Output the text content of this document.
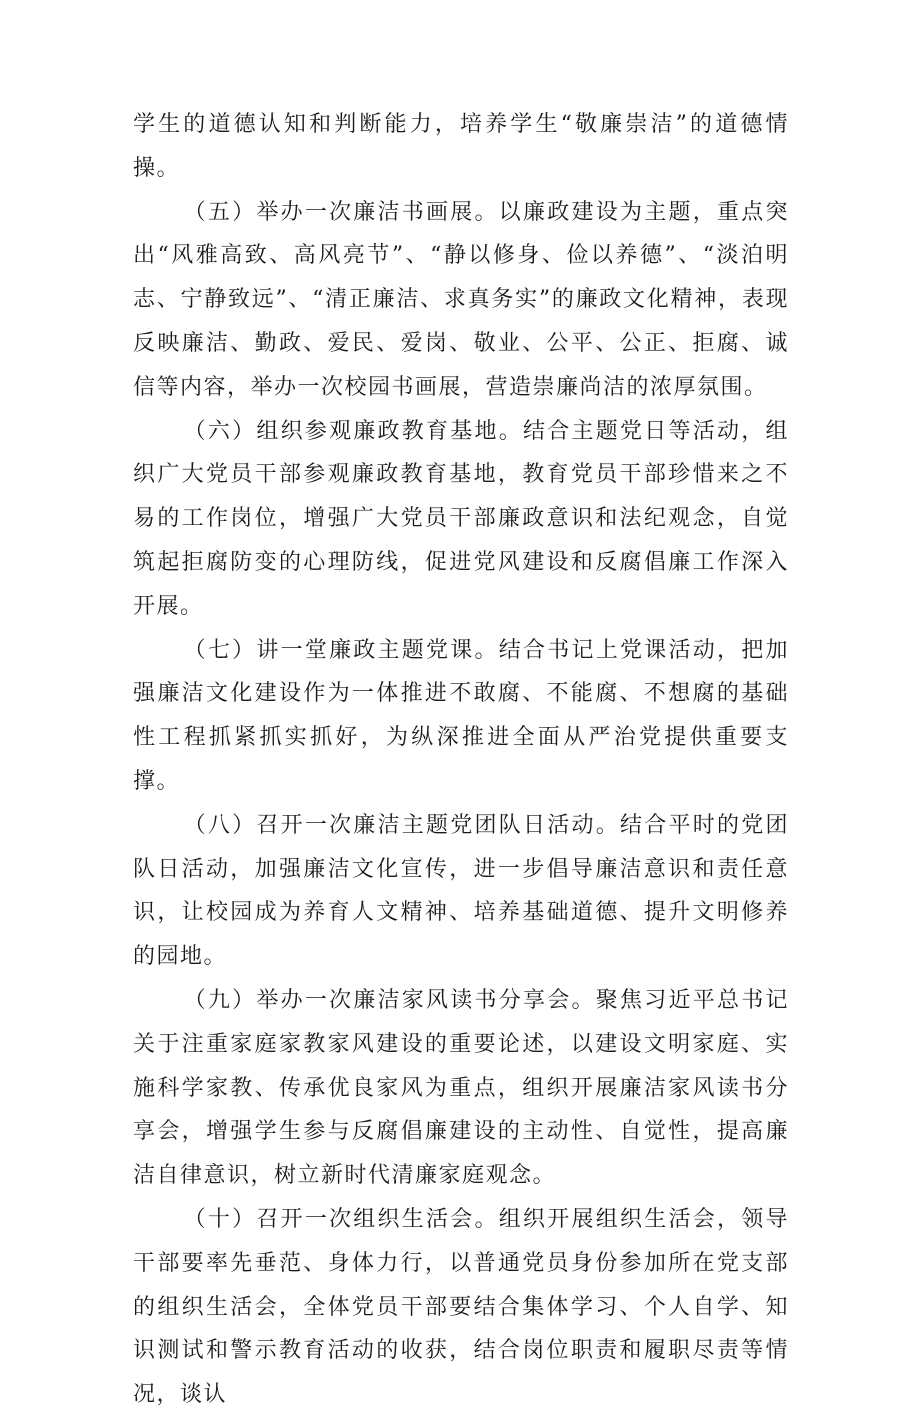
学生的道德认知和判断能力，培养学生“敬廉崇洁”的道德情操。

（五）举办一次廉洁书画展。以廉政建设为主题，重点突出“风雅高致、高风亮节”、“静以修身、俭以养德”、“淡泊明志、宁静致远”、“清正廉洁、求真务实”的廉政文化精神，表现反映廉洁、勤政、爱民、爱岗、敬业、公平、公正、拒腐、诚信等内容，举办一次校园书画展，营造崇廉尚洁的浓厚氛围。

（六）组织参观廉政教育基地。结合主题党日等活动，组织广大党员干部参观廉政教育基地，教育党员干部珍惜来之不易的工作岗位，增强广大党员干部廉政意识和法纪观念，自觉筑起拒腐防变的心理防线，促进党风建设和反腐倡廉工作深入开展。

（七）讲一堂廉政主题党课。结合书记上党课活动，把加强廉洁文化建设作为一体推进不敢腐、不能腐、不想腐的基础性工程抓紧抓实抓好，为纵深推进全面从严治党提供重要支撑。

（八）召开一次廉洁主题党团队日活动。结合平时的党团队日活动，加强廉洁文化宣传，进一步倡导廉洁意识和责任意识，让校园成为养育人文精神、培养基础道德、提升文明修养的园地。

（九）举办一次廉洁家风读书分享会。聚焦习近平总书记关于注重家庭家教家风建设的重要论述，以建设文明家庭、实施科学家教、传承优良家风为重点，组织开展廉洁家风读书分享会，增强学生参与反腐倡廉建设的主动性、自觉性，提高廉洁自律意识，树立新时代清廉家庭观念。

（十）召开一次组织生活会。组织开展组织生活会，领导干部要率先垂范、身体力行，以普通党员身份参加所在党支部的组织生活会，全体党员干部要结合集体学习、个人自学、知识测试和警示教育活动的收获，结合岗位职责和履职尽责等情况，谈认
